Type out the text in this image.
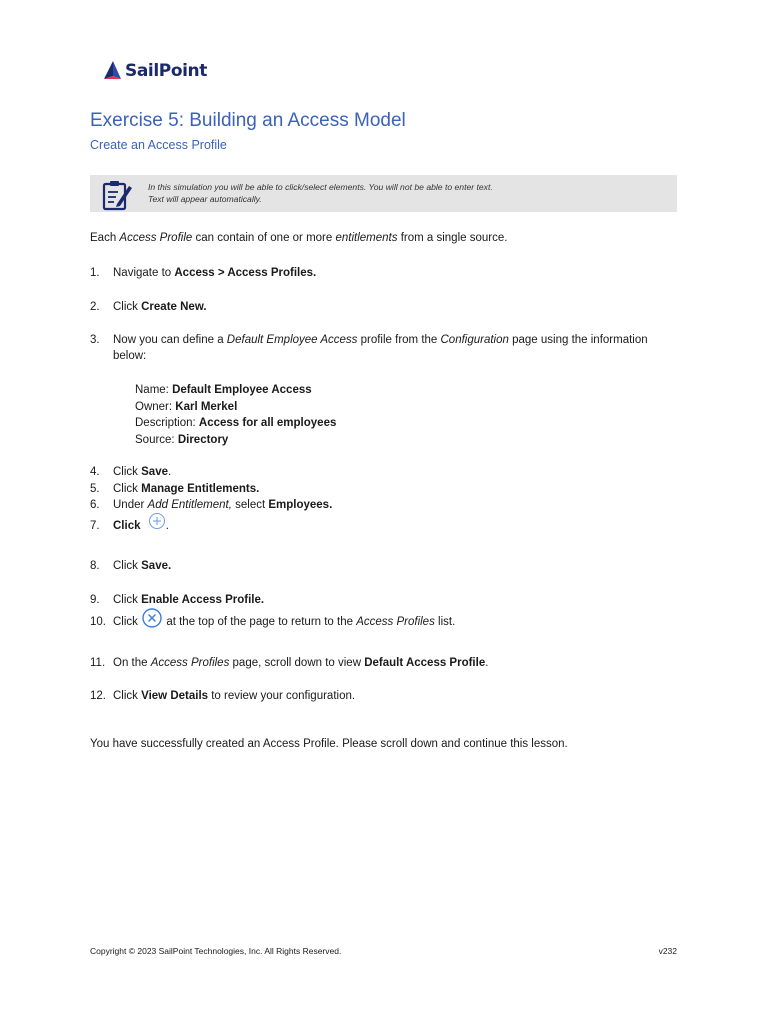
SailPoint
Exercise 5: Building an Access Model
Create an Access Profile
In this simulation you will be able to click/select elements. You will not be able to enter text.
Text will appear automatically.
Each Access Profile can contain of one or more entitlements from a single source.
1. Navigate to Access > Access Profiles.
2. Click Create New.
3. Now you can define a Default Employee Access profile from the Configuration page using the information below:
Name: Default Employee Access
Owner: Karl Merkel
Description: Access for all employees
Source: Directory
4. Click Save.
5. Click Manage Entitlements.
6. Under Add Entitlement, select Employees.
7. Click .
8. Click Save.
9. Click Enable Access Profile.
10. Click  at the top of the page to return to the Access Profiles list.
11. On the Access Profiles page, scroll down to view Default Access Profile.
12. Click View Details to review your configuration.
You have successfully created an Access Profile. Please scroll down and continue this lesson.
Copyright © 2023 SailPoint Technologies, Inc. All Rights Reserved.	v232
